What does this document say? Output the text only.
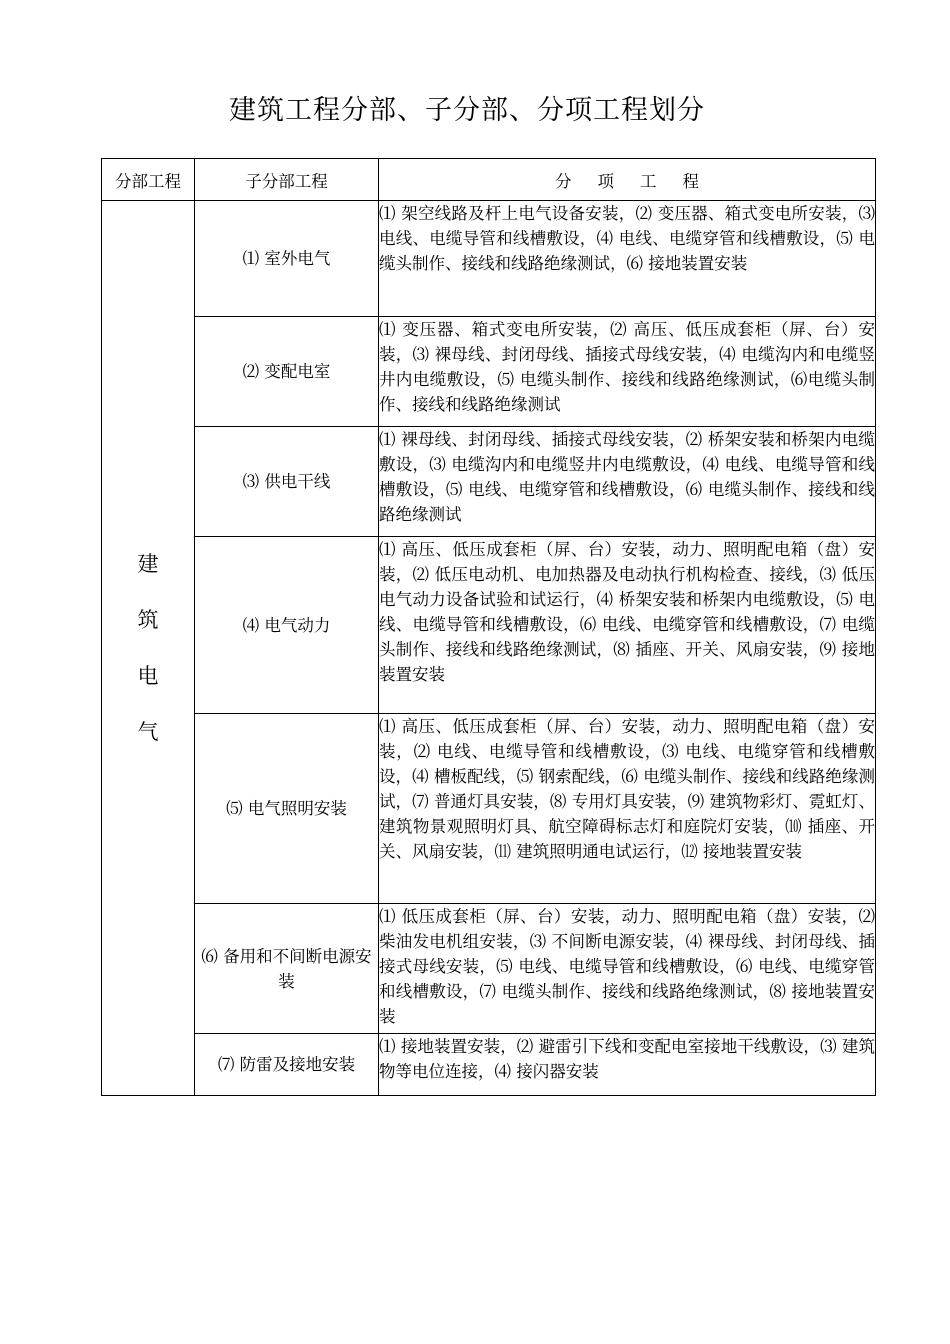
建筑工程分部、子分部、分项工程划分
分部工程	子分部工程	分项工程
建筑电气	⑴ 室外电气	⑴ 架空线路及杆上电气设备安装，⑵ 变压器、箱式变电所安装，⑶ 电线、电缆导管和线槽敷设，⑷ 电线、电缆穿管和线槽敷设，⑸ 电缆头制作、接线和线路绝缘测试，⑹ 接地装置安装
	⑵ 变配电室	⑴ 变压器、箱式变电所安装，⑵ 高压、低压成套柜（屏、台）安装，⑶ 裸母线、封闭母线、插接式母线安装，⑷ 电缆沟内和电缆竖井内电缆敷设，⑸ 电缆头制作、接线和线路绝缘测试，⑹电缆头制作、接线和线路绝缘测试
	⑶ 供电干线	⑴ 裸母线、封闭母线、插接式母线安装，⑵ 桥架安装和桥架内电缆敷设，⑶ 电缆沟内和电缆竖井内电缆敷设，⑷ 电线、电缆导管和线槽敷设，⑸ 电线、电缆穿管和线槽敷设，⑹ 电缆头制作、接线和线路绝缘测试
	⑷ 电气动力	⑴ 高压、低压成套柜（屏、台）安装，动力、照明配电箱（盘）安装，⑵ 低压电动机、电加热器及电动执行机构检查、接线，⑶ 低压电气动力设备试验和试运行，⑷ 桥架安装和桥架内电缆敷设，⑸ 电线、电缆导管和线槽敷设，⑹ 电线、电缆穿管和线槽敷设，⑺ 电缆头制作、接线和线路绝缘测试，⑻ 插座、开关、风扇安装，⑼ 接地装置安装
	⑸ 电气照明安装	⑴ 高压、低压成套柜（屏、台）安装，动力、照明配电箱（盘）安装，⑵ 电线、电缆导管和线槽敷设，⑶ 电线、电缆穿管和线槽敷设，⑷ 槽板配线，⑸ 钢索配线，⑹ 电缆头制作、接线和线路绝缘测试，⑺ 普通灯具安装，⑻ 专用灯具安装，⑼ 建筑物彩灯、霓虹灯、建筑物景观照明灯具、航空障碍标志灯和庭院灯安装，⑽ 插座、开关、风扇安装，⑾ 建筑照明通电试运行，⑿ 接地装置安装
	⑹ 备用和不间断电源安装	⑴ 低压成套柜（屏、台）安装，动力、照明配电箱（盘）安装，⑵ 柴油发电机组安装，⑶ 不间断电源安装，⑷ 裸母线、封闭母线、插接式母线安装，⑸ 电线、电缆导管和线槽敷设，⑹ 电线、电缆穿管和线槽敷设，⑺ 电缆头制作、接线和线路绝缘测试，⑻ 接地装置安装
	⑺ 防雷及接地安装	⑴ 接地装置安装，⑵ 避雷引下线和变配电室接地干线敷设，⑶ 建筑物等电位连接，⑷ 接闪器安装
